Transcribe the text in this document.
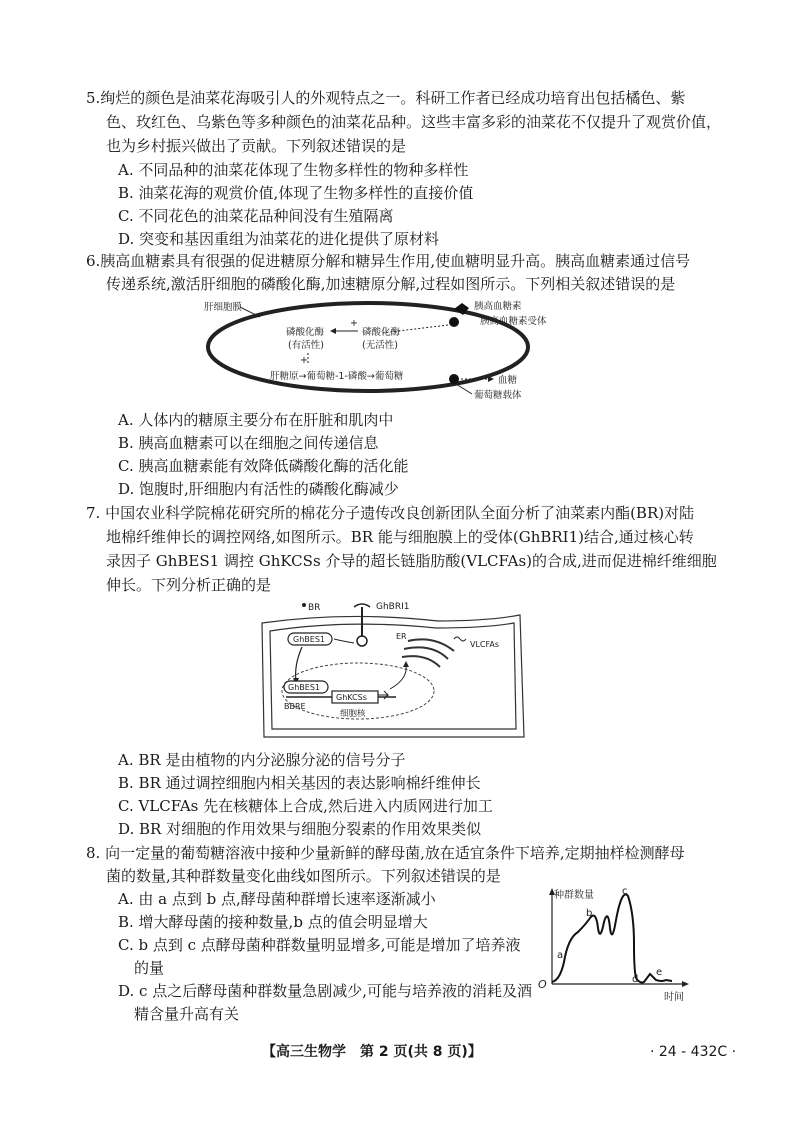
5.绚烂的颜色是油菜花海吸引人的外观特点之一。科研工作者已经成功培育出包括橘色、紫
色、玫红色、乌紫色等多种颜色的油菜花品种。这些丰富多彩的油菜花不仅提升了观赏价值，
也为乡村振兴做出了贡献。下列叙述错误的是
A. 不同品种的油菜花体现了生物多样性的物种多样性
B. 油菜花海的观赏价值,体现了生物多样性的直接价值
C. 不同花色的油菜花品种间没有生殖隔离
D. 突变和基因重组为油菜花的进化提供了原材料
6.胰高血糖素具有很强的促进糖原分解和糖异生作用,使血糖明显升高。胰高血糖素通过信号
传递系统,激活肝细胞的磷酸化酶,加速糖原分解,过程如图所示。下列相关叙述错误的是
肝细胞膜	胰高血糖素
胰高血糖素受体
+
磷酸化酶
(有活性)
磷酸化酶
(无活性)
+
肝糖原→葡萄糖-1-磷酸→葡萄糖	血糖
葡萄糖载体
A. 人体内的糖原主要分布在肝脏和肌肉中
B. 胰高血糖素可以在细胞之间传递信息
C. 胰高血糖素能有效降低磷酸化酶的活化能
D. 饱腹时,肝细胞内有活性的磷酸化酶减少
7. 中国农业科学院棉花研究所的棉花分子遗传改良创新团队全面分析了油菜素内酯(BR)对陆
地棉纤维伸长的调控网络,如图所示。BR 能与细胞膜上的受体(GhBRI1)结合,通过核心转
录因子 GhBES1 调控 GhKCSs 介导的超长链脂肪酸(VLCFAs)的合成,进而促进棉纤维细胞
伸长。下列分析正确的是
BR	GhBRI1
GhBES1	ER
VLCFAs
GhBES1
GhKCSs
BBRE
细胞核
A. BR 是由植物的内分泌腺分泌的信号分子
B. BR 通过调控细胞内相关基因的表达影响棉纤维伸长
C. VLCFAs 先在核糖体上合成,然后进入内质网进行加工
D. BR 对细胞的作用效果与细胞分裂素的作用效果类似
8. 向一定量的葡萄糖溶液中接种少量新鲜的酵母菌,放在适宜条件下培养,定期抽样检测酵母
菌的数量,其种群数量变化曲线如图所示。下列叙述错误的是
A. 由 a 点到 b 点,酵母菌种群增长速率逐渐减小
B. 增大酵母菌的接种数量,b 点的值会明显增大
C. b 点到 c 点酵母菌种群数量明显增多,可能是增加了培养液
的量
D. c 点之后酵母菌种群数量急剧减少,可能与培养液的消耗及酒
精含量升高有关
种群数量
时间
O
a
b
c
d
e
【高三生物学　第 2 页(共 8 页)】	· 24 - 432C ·
